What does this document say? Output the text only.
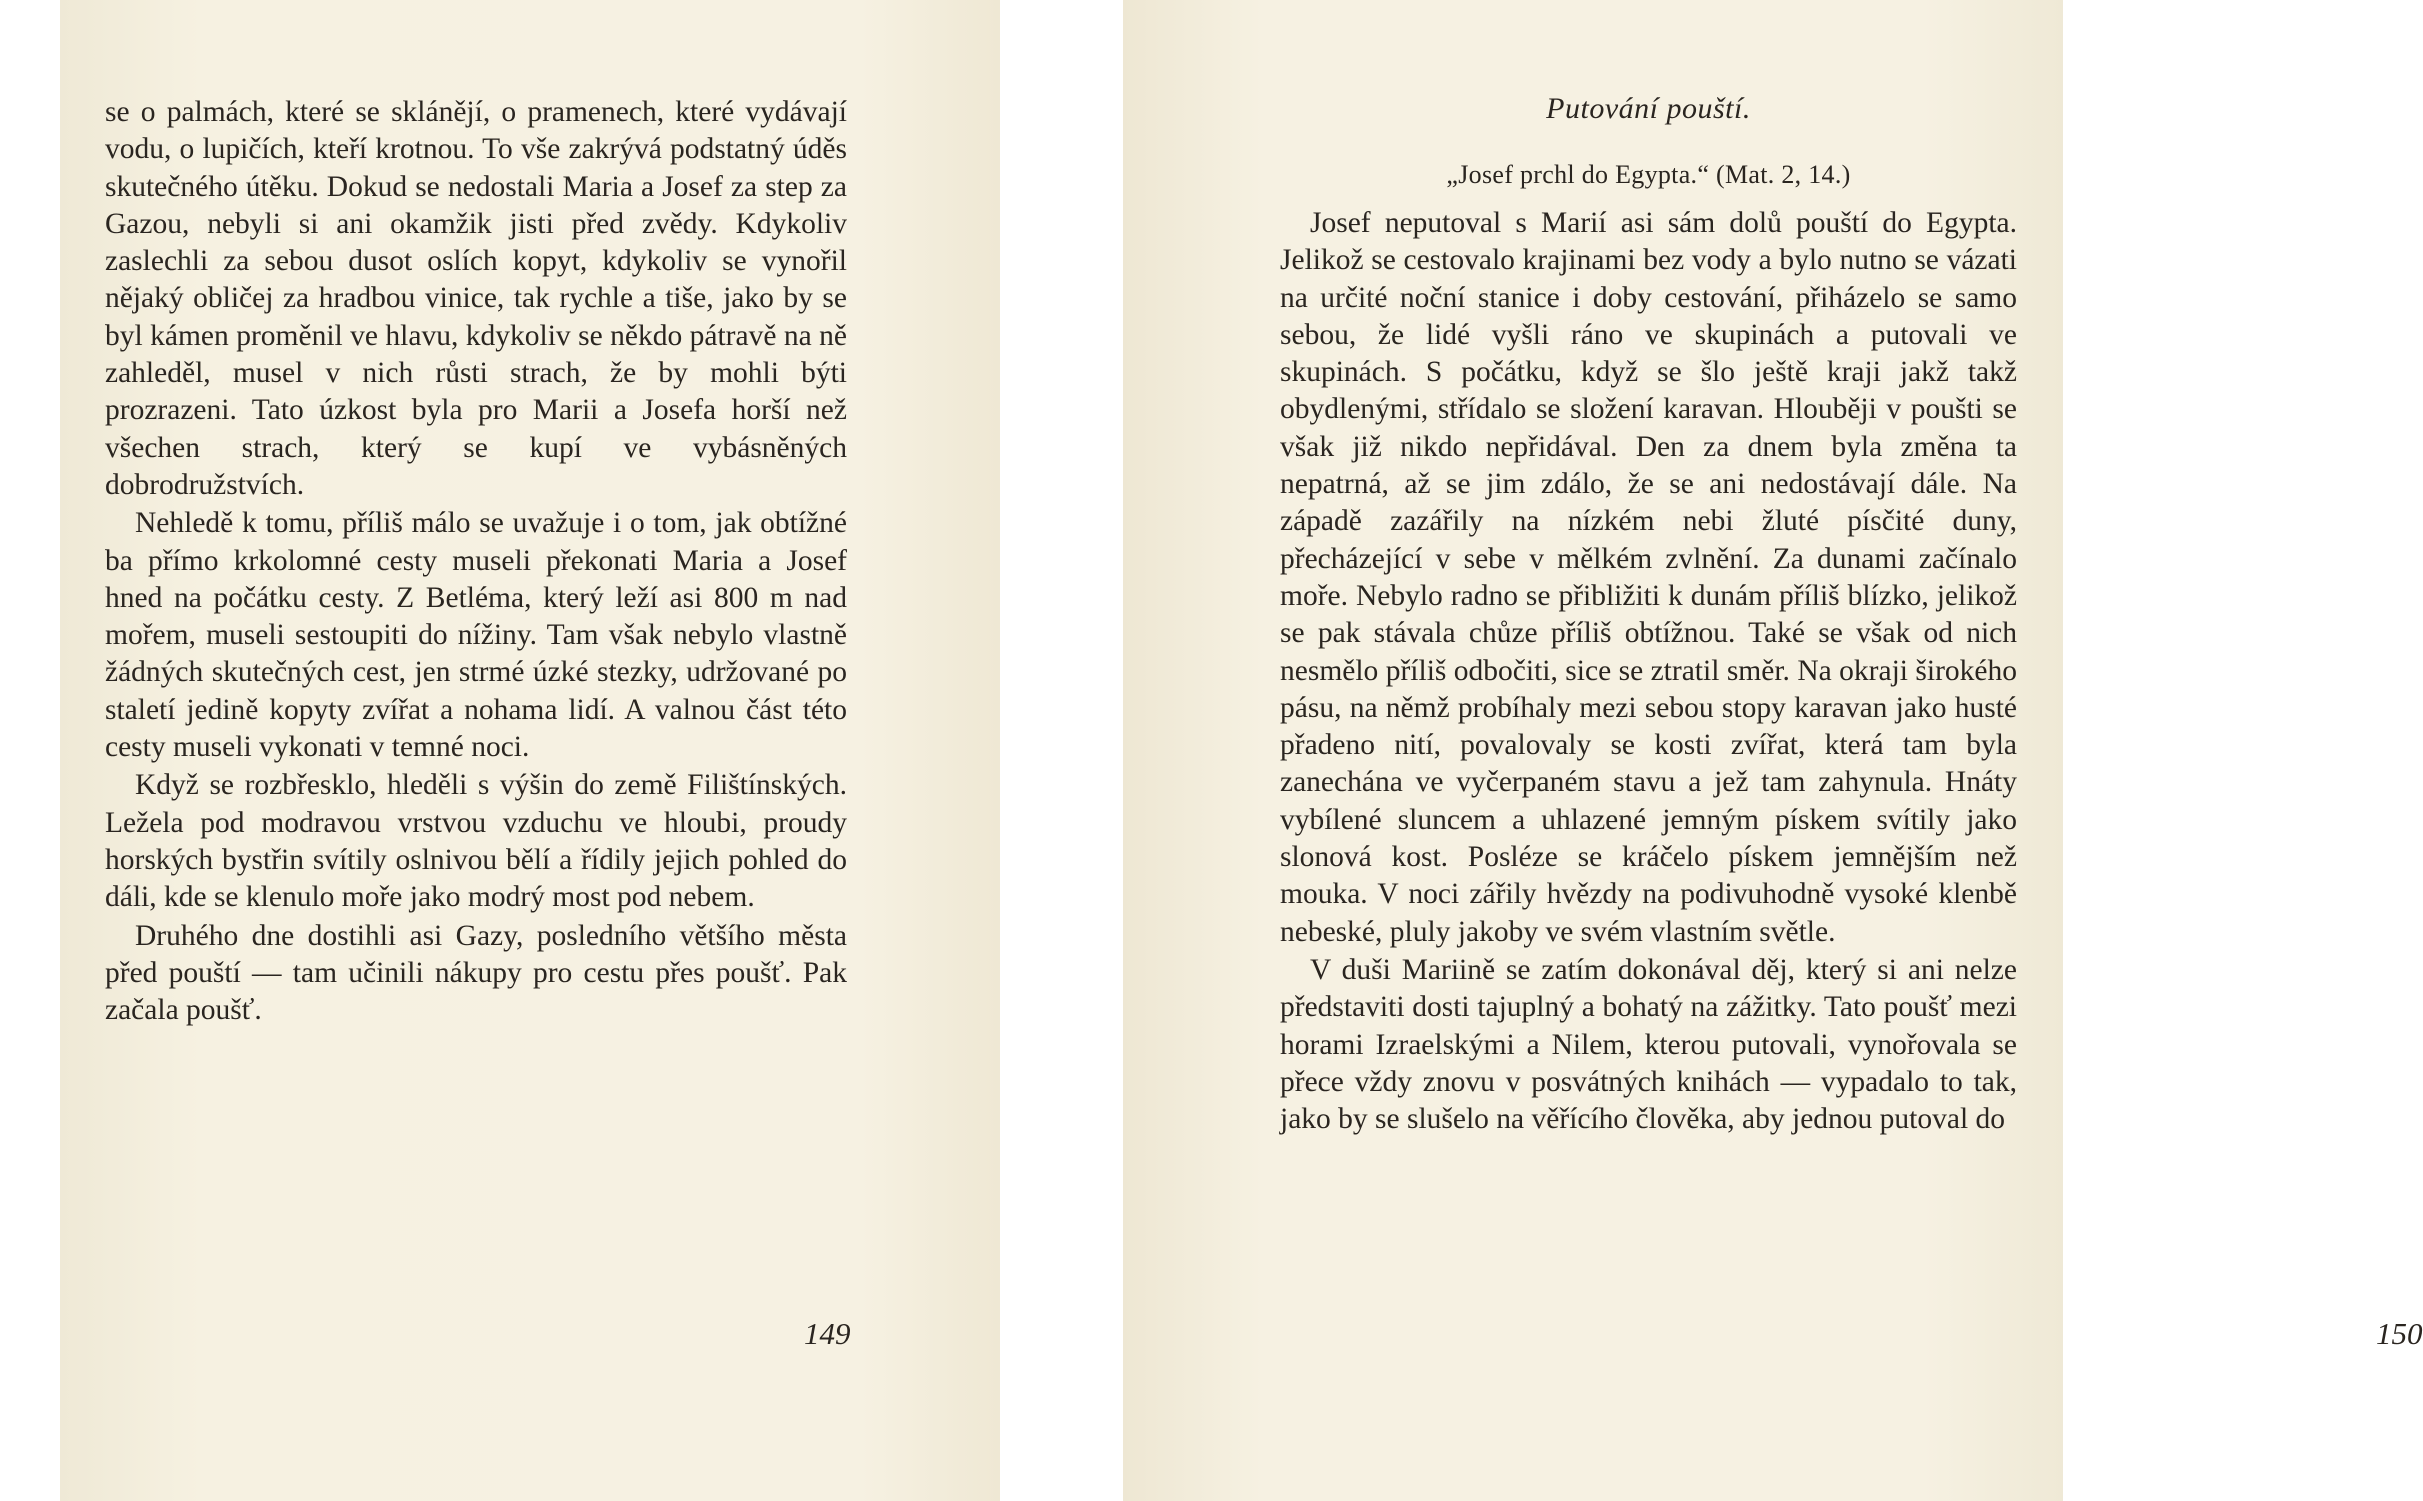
se o palmách, které se sklánějí, o pramenech, které vydávají vodu, o lupičích, kteří krotnou. To vše zakrývá podstatný úděs skutečného útěku. Dokud se nedostali Maria a Josef za step za Gazou, nebyli si ani okamžik jisti před zvědy. Kdykoliv zaslechli za sebou dusot oslích kopyt, kdykoliv se vynořil nějaký obličej za hradbou vinice, tak rychle a tiše, jako by se byl kámen proměnil ve hlavu, kdykoliv se někdo pátravě na ně zahleděl, musel v nich růsti strach, že by mohli býti prozrazeni. Tato úzkost byla pro Marii a Josefa horší než všechen strach, který se kupí ve vybásněných dobrodružstvích.

Nehledě k tomu, příliš málo se uvažuje i o tom, jak obtížné ba přímo krkolomné cesty museli překonati Maria a Josef hned na počátku cesty. Z Betléma, který leží asi 800 m nad mořem, museli sestoupiti do nížiny. Tam však nebylo vlastně žádných skutečných cest, jen strmé úzké stezky, udržované po staletí jedině kopyty zvířat a nohama lidí. A valnou část této cesty museli vykonati v temné noci.

Když se rozbřesklo, hleděli s výšin do země Filištínských. Ležela pod modravou vrstvou vzduchu ve hloubi, proudy horských bystřin svítily oslnivou bělí a řídily jejich pohled do dáli, kde se klenulo moře jako modrý most pod nebem.

Druhého dne dostihli asi Gazy, posledního většího města před pouští — tam učinili nákupy pro cestu přes poušť. Pak začala poušť.

149
Putování pouští.
„Josef prchl do Egypta.“ (Mat. 2, 14.)

Josef neputoval s Marií asi sám dolů pouští do Egypta. Jelikož se cestovalo krajinami bez vody a bylo nutno se vázati na určité noční stanice i doby cestování, přiházelo se samo sebou, že lidé vyšli ráno ve skupinách a putovali ve skupinách. S počátku, když se šlo ještě kraji jakž takž obydlenými, střídalo se složení karavan. Hlouběji v poušti se však již nikdo nepřidával. Den za dnem byla změna ta nepatrná, až se jim zdálo, že se ani nedostávají dále. Na západě zazářily na nízkém nebi žluté písčité duny, přecházející v sebe v mělkém zvlnění. Za dunami začínalo moře. Nebylo radno se přibližiti k dunám příliš blízko, jelikož se pak stávala chůze příliš obtížnou. Také se však od nich nesmělo příliš odbočiti, sice se ztratil směr. Na okraji širokého pásu, na němž probíhaly mezi sebou stopy karavan jako husté přadeno nití, povalovaly se kosti zvířat, která tam byla zanechána ve vyčerpaném stavu a jež tam zahynula. Hnáty vybílené sluncem a uhlazené jemným pískem svítily jako slonová kost. Posléze se kráčelo pískem jemnějším než mouka. V noci zářily hvězdy na podivuhodně vysoké klenbě nebeské, pluly jakoby ve svém vlastním světle.

V duši Mariině se zatím dokonával děj, který si ani nelze představiti dosti tajuplný a bohatý na zážitky. Tato poušť mezi horami Izraelskými a Nilem, kterou putovali, vynořovala se přece vždy znovu v posvátných knihách — vypadalo to tak, jako by se slušelo na věřícího člověka, aby jednou putoval do

150
